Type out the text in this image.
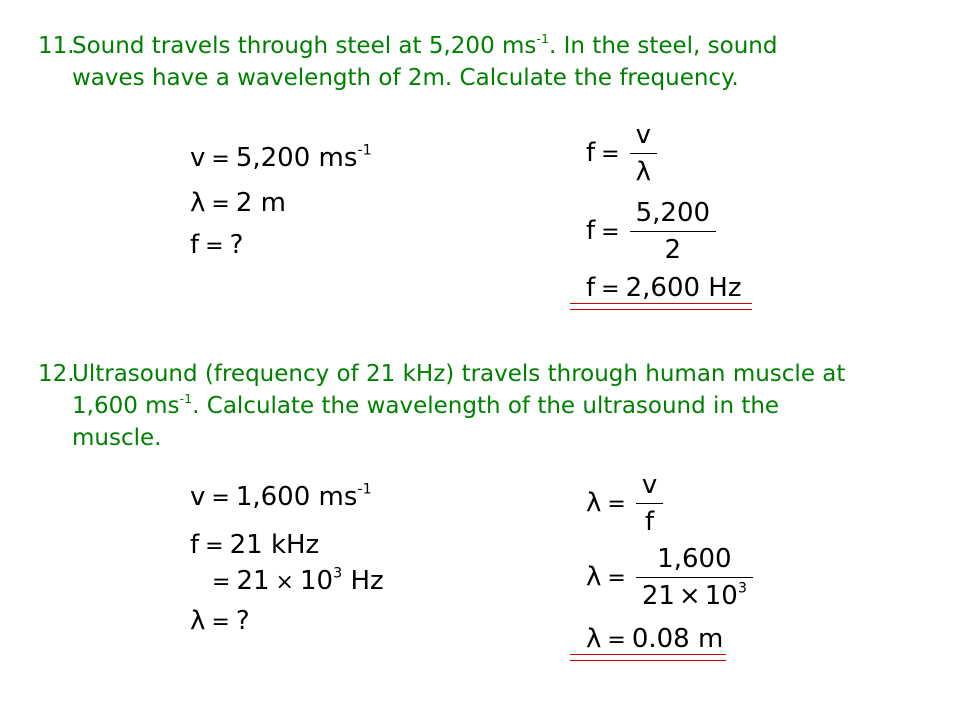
11.
Sound travels through steel at 5,200 $ms^{-1}$. In the steel, sound
waves have a wavelength of 2m. Calculate the frequency.
v = 5,200 $ms^{-1}$
λ = 2 m
f = ?
$f = \frac{v}{\lambda}$
$f = \frac{5,200}{2}$
f = 2,600 Hz
12.
Ultrasound (frequency of 21 kHz) travels through human muscle at
1,600 $ms^{-1}$. Calculate the wavelength of the ultrasound in the
muscle.
v = 1,600 $ms^{-1}$
f = 21 kHz
= $21 \times 10^3$ Hz
λ = ?
$\lambda = \frac{v}{f}$
$\lambda = \frac{1,600}{21 \times 10^3}$
λ = 0.08 m
